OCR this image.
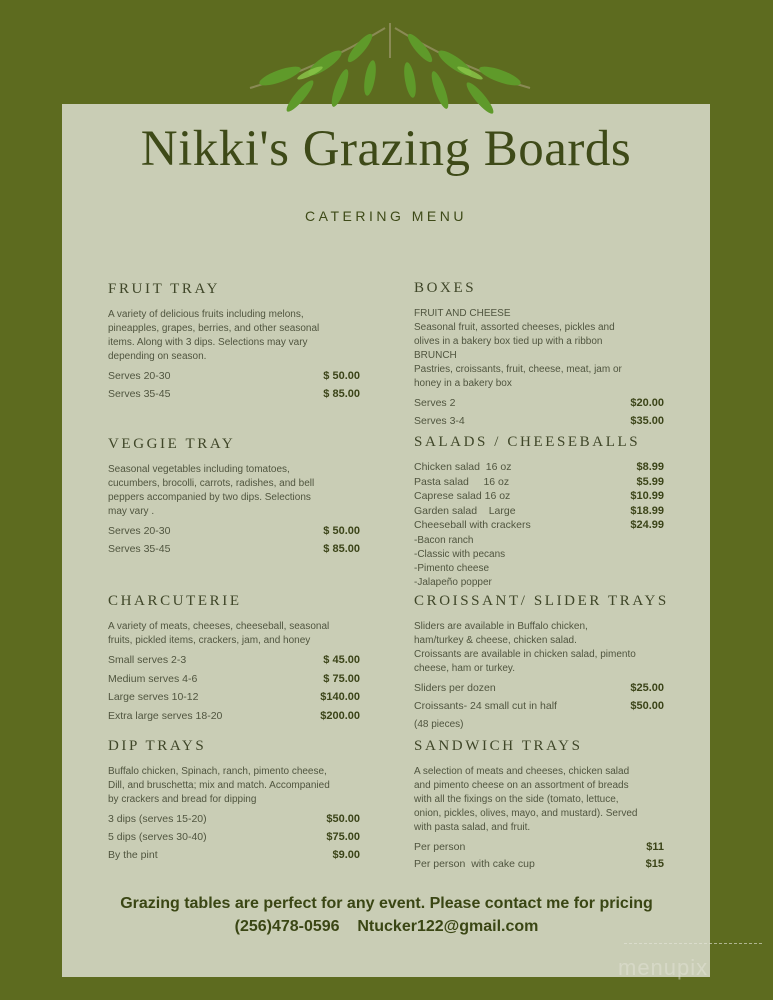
Nikki's Grazing Boards
CATERING MENU
FRUIT TRAY
A variety of delicious fruits including melons,
pineapples, grapes, berries, and other seasonal
items. Along with 3 dips. Selections may vary
depending on season.
Serves 20-30	$ 50.00
Serves 35-45	$ 85.00
VEGGIE TRAY
Seasonal vegetables including tomatoes,
cucumbers, brocolli, carrots, radishes, and bell
peppers accompanied by two dips. Selections
may vary .
Serves 20-30	$ 50.00
Serves 35-45	$ 85.00
CHARCUTERIE
A variety of meats, cheeses, cheeseball, seasonal
fruits, pickled items, crackers, jam, and honey
Small serves 2-3	$ 45.00
Medium serves 4-6	$ 75.00
Large serves 10-12	$140.00
Extra large serves 18-20	$200.00
DIP TRAYS
Buffalo chicken, Spinach, ranch, pimento cheese,
Dill, and bruschetta; mix and match. Accompanied
by crackers and bread for dipping
3 dips (serves 15-20)	$50.00
5 dips (serves 30-40)	$75.00
By the pint	$9.00
BOXES
FRUIT AND CHEESE
Seasonal fruit, assorted cheeses, pickles and
olives in a bakery box tied up with a ribbon
BRUNCH
Pastries, croissants, fruit, cheese, meat, jam or
honey in a bakery box
Serves 2	$20.00
Serves 3-4	$35.00
SALADS / CHEESEBALLS
Chicken salad  16 oz	$8.99
Pasta salad     16 oz	$5.99
Caprese salad 16 oz	$10.99
Garden salad    Large	$18.99
Cheeseball with crackers	$24.99
-Bacon ranch
-Classic with pecans
-Pimento cheese
-Jalapeño popper
CROISSANT/ SLIDER TRAYS
Sliders are available in Buffalo chicken,
ham/turkey & cheese, chicken salad.
Croissants are available in chicken salad, pimento
cheese, ham or turkey.
Sliders per dozen	$25.00
Croissants- 24 small cut in half	$50.00
(48 pieces)
SANDWICH TRAYS
A selection of meats and cheeses, chicken salad
and pimento cheese on an assortment of breads
with all the fixings on the side (tomato, lettuce,
onion, pickles, olives, mayo, and mustard). Served
with pasta salad, and fruit.
Per person	$11
Per person  with cake cup	$15
Grazing tables are perfect for any event. Please contact me for pricing
(256)478-0596 Ntucker122@gmail.com
menupix
